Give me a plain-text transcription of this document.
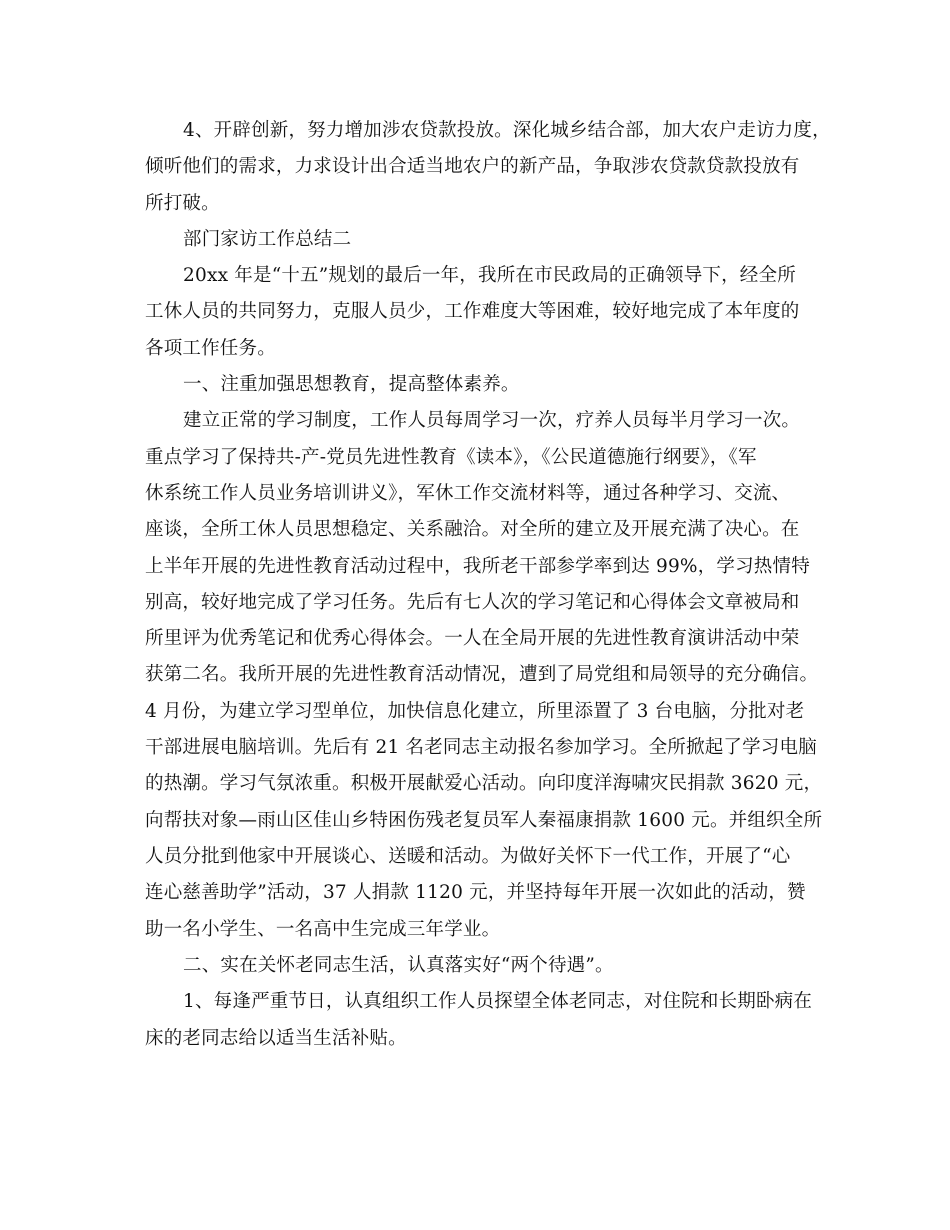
4、开辟创新，努力增加涉农贷款投放。深化城乡结合部，加大农户走访力度，
倾听他们的需求，力求设计出合适当地农户的新产品，争取涉农贷款贷款投放有
所打破。
部门家访工作总结二
20xx 年是“十五”规划的最后一年，我所在市民政局的正确领导下，经全所
工休人员的共同努力，克服人员少，工作难度大等困难，较好地完成了本年度的
各项工作任务。
一、注重加强思想教育，提高整体素养。
建立正常的学习制度，工作人员每周学习一次，疗养人员每半月学习一次。
重点学习了保持共-产-党员先进性教育《读本》，《公民道德施行纲要》，《军
休系统工作人员业务培训讲义》，军休工作交流材料等，通过各种学习、交流、
座谈，全所工休人员思想稳定、关系融洽。对全所的建立及开展充满了决心。在
上半年开展的先进性教育活动过程中，我所老干部参学率到达 99%，学习热情特
别高，较好地完成了学习任务。先后有七人次的学习笔记和心得体会文章被局和
所里评为优秀笔记和优秀心得体会。一人在全局开展的先进性教育演讲活动中荣
获第二名。我所开展的先进性教育活动情况，遭到了局党组和局领导的充分确信。
4 月份，为建立学习型单位，加快信息化建立，所里添置了 3 台电脑，分批对老
干部进展电脑培训。先后有 21 名老同志主动报名参加学习。全所掀起了学习电脑
的热潮。学习气氛浓重。积极开展献爱心活动。向印度洋海啸灾民捐款 3620 元，
向帮扶对象—雨山区佳山乡特困伤残老复员军人秦福康捐款 1600 元。并组织全所
人员分批到他家中开展谈心、送暖和活动。为做好关怀下一代工作，开展了“心
连心慈善助学”活动，37 人捐款 1120 元，并坚持每年开展一次如此的活动，赞
助一名小学生、一名高中生完成三年学业。
二、实在关怀老同志生活，认真落实好“两个待遇”。
1、每逢严重节日，认真组织工作人员探望全体老同志，对住院和长期卧病在
床的老同志给以适当生活补贴。
